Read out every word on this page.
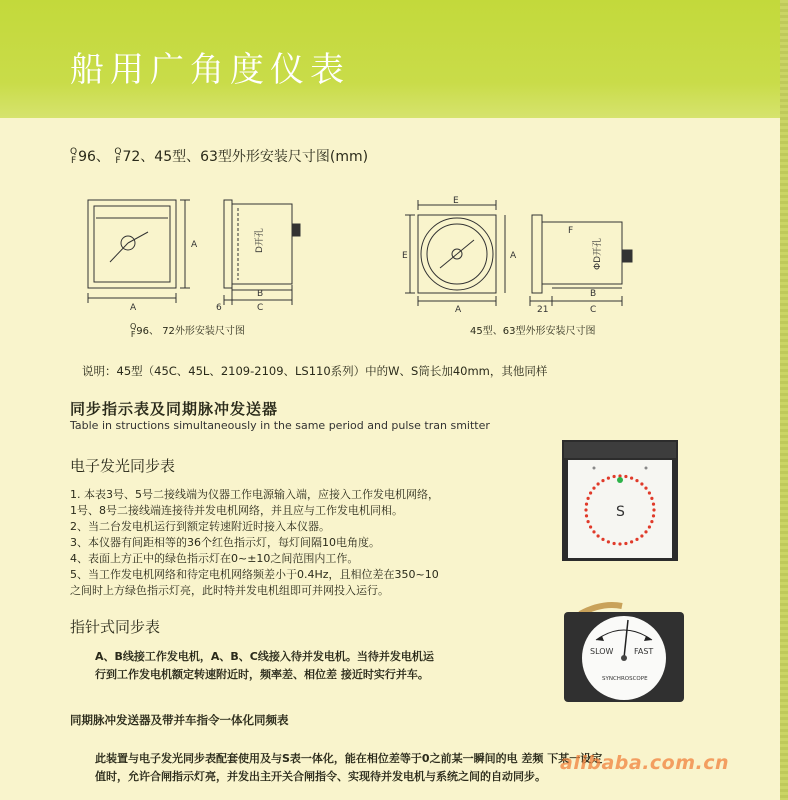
船用广角度仪表
Q
F 96、 Q
F 72、45型、63型外形安装尺寸图(mm)
A
A
B
C
6
D开孔
E
E	A
A	21	C
B
ΦD开孔
F
Q
F96、 72外形安装尺寸图	45型、63型外形安装尺寸图
说明：45型（45C、45L、2109-2109、LS110系列）中的W、S筒长加40mm，其他同样
同步指示表及同期脉冲发送器
Table in structions simultaneously in the same period and pulse tran smitter
电子发光同步表
1. 本表3号、5号二接线端为仪器工作电源输入端，应接入工作发电机网络，
1号、8号二接线端连接待并发电机网络，并且应与工作发电机同相。
2、当二台发电机运行到额定转速附近时接入本仪器。
3、本仪器有间距相等的36个红色指示灯，每灯间隔10电角度。
4、表面上方正中的绿色指示灯在0~±10之间范围内工作。
5、当工作发电机网络和待定电机网络频差小于0.4Hz，且相位差在350~10
之间时上方绿色指示灯亮，此时特并发电机组即可并网投入运行。
指针式同步表
A、B线接工作发电机，A、B、C线接入待并发电机。当待并发电机运
行到工作发电机额定转速附近时，频率差、相位差 接近时实行并车。
同期脉冲发送器及带并车指令一体化同频表
此装置与电子发光同步表配套使用及与S表一体化，能在相位差等于0之前某一瞬间的电 差频 下某一设定
值时，允许合闸指示灯亮，并发出主开关合闸指令、实现待并发电机与系统之间的自动同步。
S
SLOW	FAST
SYNCHROSCOPE
alibaba.com.cn
